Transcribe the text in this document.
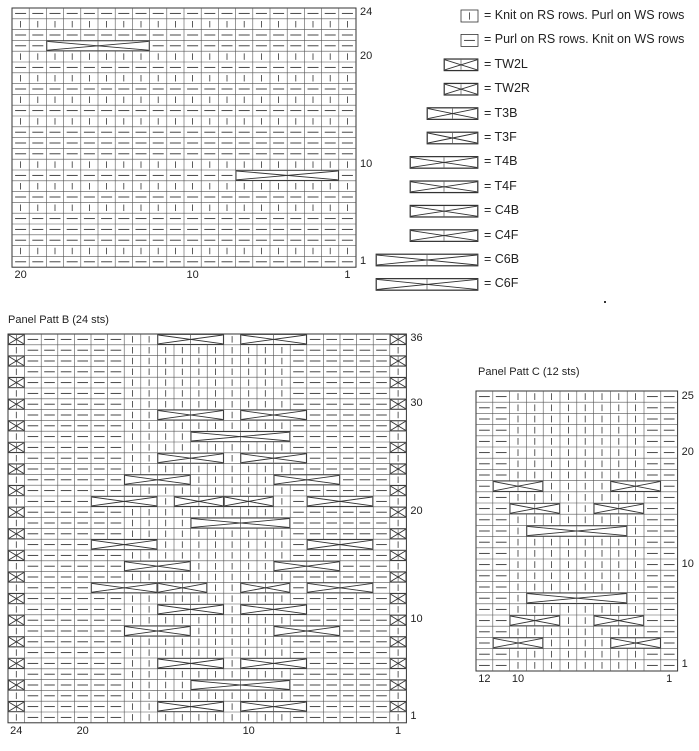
Panel Patt B (24 sts)
Panel Patt C (12 sts)
= Knit on RS rows. Purl on WS rows
= Purl on RS rows. Knit on WS rows
= TW2L
= TW2R
= T3B
= T3F
= T4B
= T4F
= C4B
= C4F
= C6B
= C6F
24
20
10
1
20	10	1
36
30
20
10
1
24	20	10	1
25
20
10
1
12 10	1
